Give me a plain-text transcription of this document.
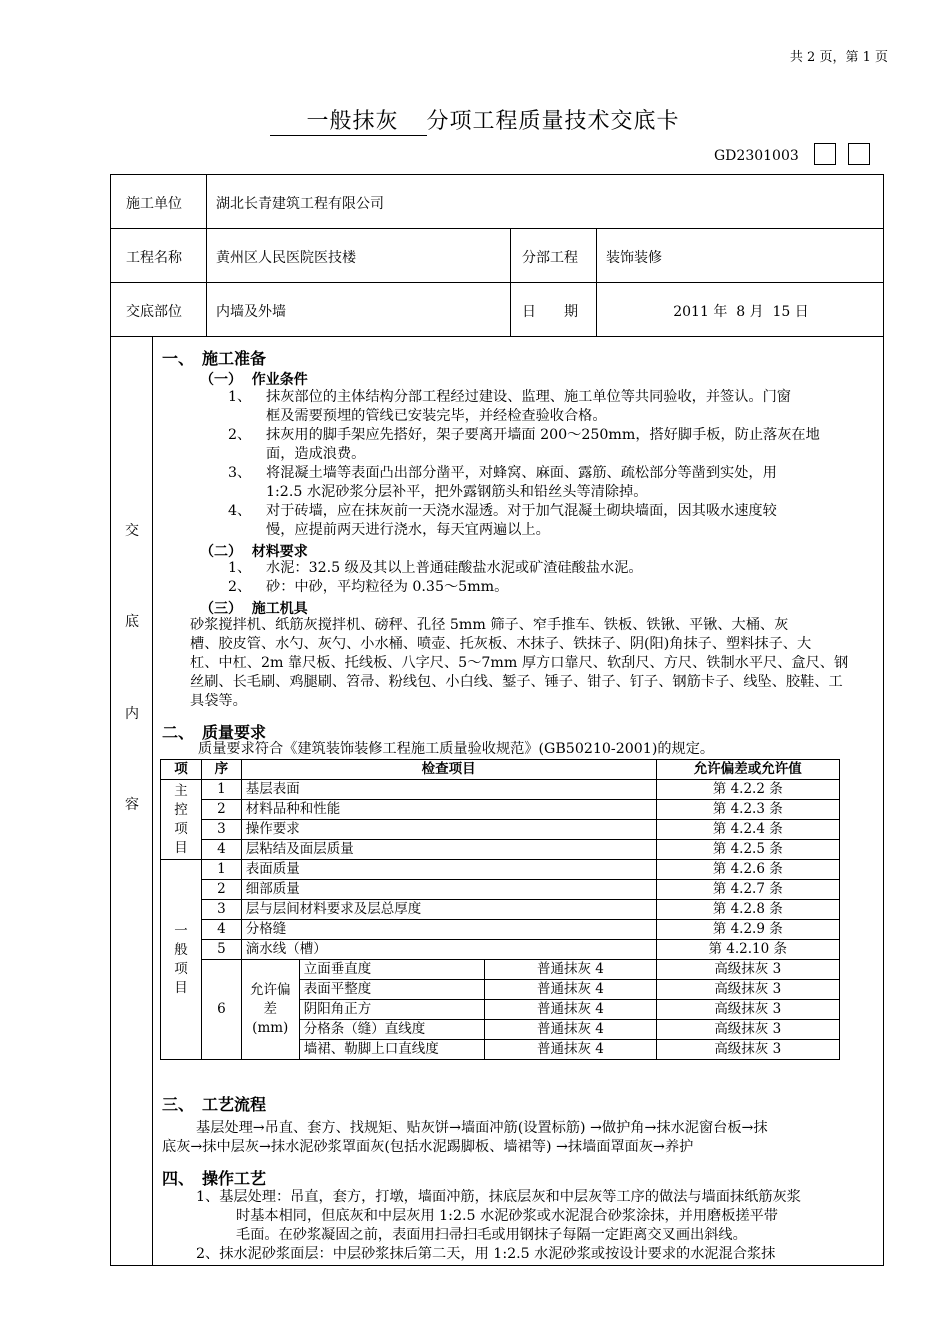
共 2 页，第 1 页
一般抹灰 分项工程质量技术交底卡
GD2301003
施工单位 湖北长青建筑工程有限公司
工程名称 黄州区人民医院医技楼	分部工程 装饰装修
交底部位 内墙及外墙	日　　期	2011 年  8 月  15 日
交
底
内
容
一、　施工准备
（一）  作业条件
1、 抹灰部位的主体结构分部工程经过建设、监理、施工单位等共同验收，并签认。门窗
框及需要预埋的管线已安装完毕，并经检查验收合格。
2、 抹灰用的脚手架应先搭好，架子要离开墙面 200～250mm，搭好脚手板，防止落灰在地
面，造成浪费。
3、 将混凝土墙等表面凸出部分凿平，对蜂窝、麻面、露筋、疏松部分等凿到实处，用
1:2.5 水泥砂浆分层补平，把外露钢筋头和铅丝头等清除掉。
4、 对于砖墙，应在抹灰前一天浇水湿透。对于加气混凝土砌块墙面，因其吸水速度较
慢，应提前两天进行浇水，每天宜两遍以上。
（二）  材料要求
1、 水泥：32.5 级及其以上普通硅酸盐水泥或矿渣硅酸盐水泥。
2、 砂：中砂，平均粒径为 0.35～5mm。
（三）  施工机具
砂浆搅拌机、纸筋灰搅拌机、磅秤、孔径 5mm 筛子、窄手推车、铁板、铁锹、平锹、大桶、灰
槽、胶皮管、水勺、灰勺、小水桶、喷壶、托灰板、木抹子、铁抹子、阴(阳)角抹子、塑料抹子、大
杠、中杠、2m 靠尺板、托线板、八字尺、5～7mm 厚方口靠尺、软刮尺、方尺、铁制水平尺、盒尺、钢
丝刷、长毛刷、鸡腿刷、笤帚、粉线包、小白线、錾子、锤子、钳子、钉子、钢筋卡子、线坠、胶鞋、工
具袋等。
二、　质量要求
质量要求符合《建筑装饰装修工程施工质量验收规范》(GB50210-2001)的规定。
项	序	检查项目			允许偏差或允许值
主控项目	1	基层表面			第 4.2.2 条
	2	材料品种和性能			第 4.2.3 条
	3	操作要求			第 4.2.4 条
	4	层粘结及面层质量			第 4.2.5 条
一般项目	1	表面质量			第 4.2.6 条
	2	细部质量			第 4.2.7 条
	3	层与层间材料要求及层总厚度			第 4.2.8 条
	4	分格缝			第 4.2.9 条
	5	滴水线（槽）			第 4.2.10 条
	6	允许偏差(mm)	立面垂直度	普通抹灰 4	高级抹灰 3
			表面平整度	普通抹灰 4	高级抹灰 3
			阴阳角正方	普通抹灰 4	高级抹灰 3
			分格条（缝）直线度	普通抹灰 4	高级抹灰 3
			墙裙、勒脚上口直线度	普通抹灰 4	高级抹灰 3
三、　工艺流程
基层处理→吊直、套方、找规矩、贴灰饼→墙面冲筋(设置标筋) →做护角→抹水泥窗台板→抹
底灰→抹中层灰→抹水泥砂浆罩面灰(包括水泥踢脚板、墙裙等) →抹墙面罩面灰→养护
四、　操作工艺
1、基层处理：吊直，套方，打墩，墙面冲筋，抹底层灰和中层灰等工序的做法与墙面抹纸筋灰浆
时基本相同，但底灰和中层灰用 1:2.5 水泥砂浆或水泥混合砂浆涂抹，并用磨板搓平带
毛面。在砂浆凝固之前，表面用扫帚扫毛或用钢抹子每隔一定距离交叉画出斜线。
2、抹水泥砂浆面层：中层砂浆抹后第二天，用 1:2.5 水泥砂浆或按设计要求的水泥混合浆抹
